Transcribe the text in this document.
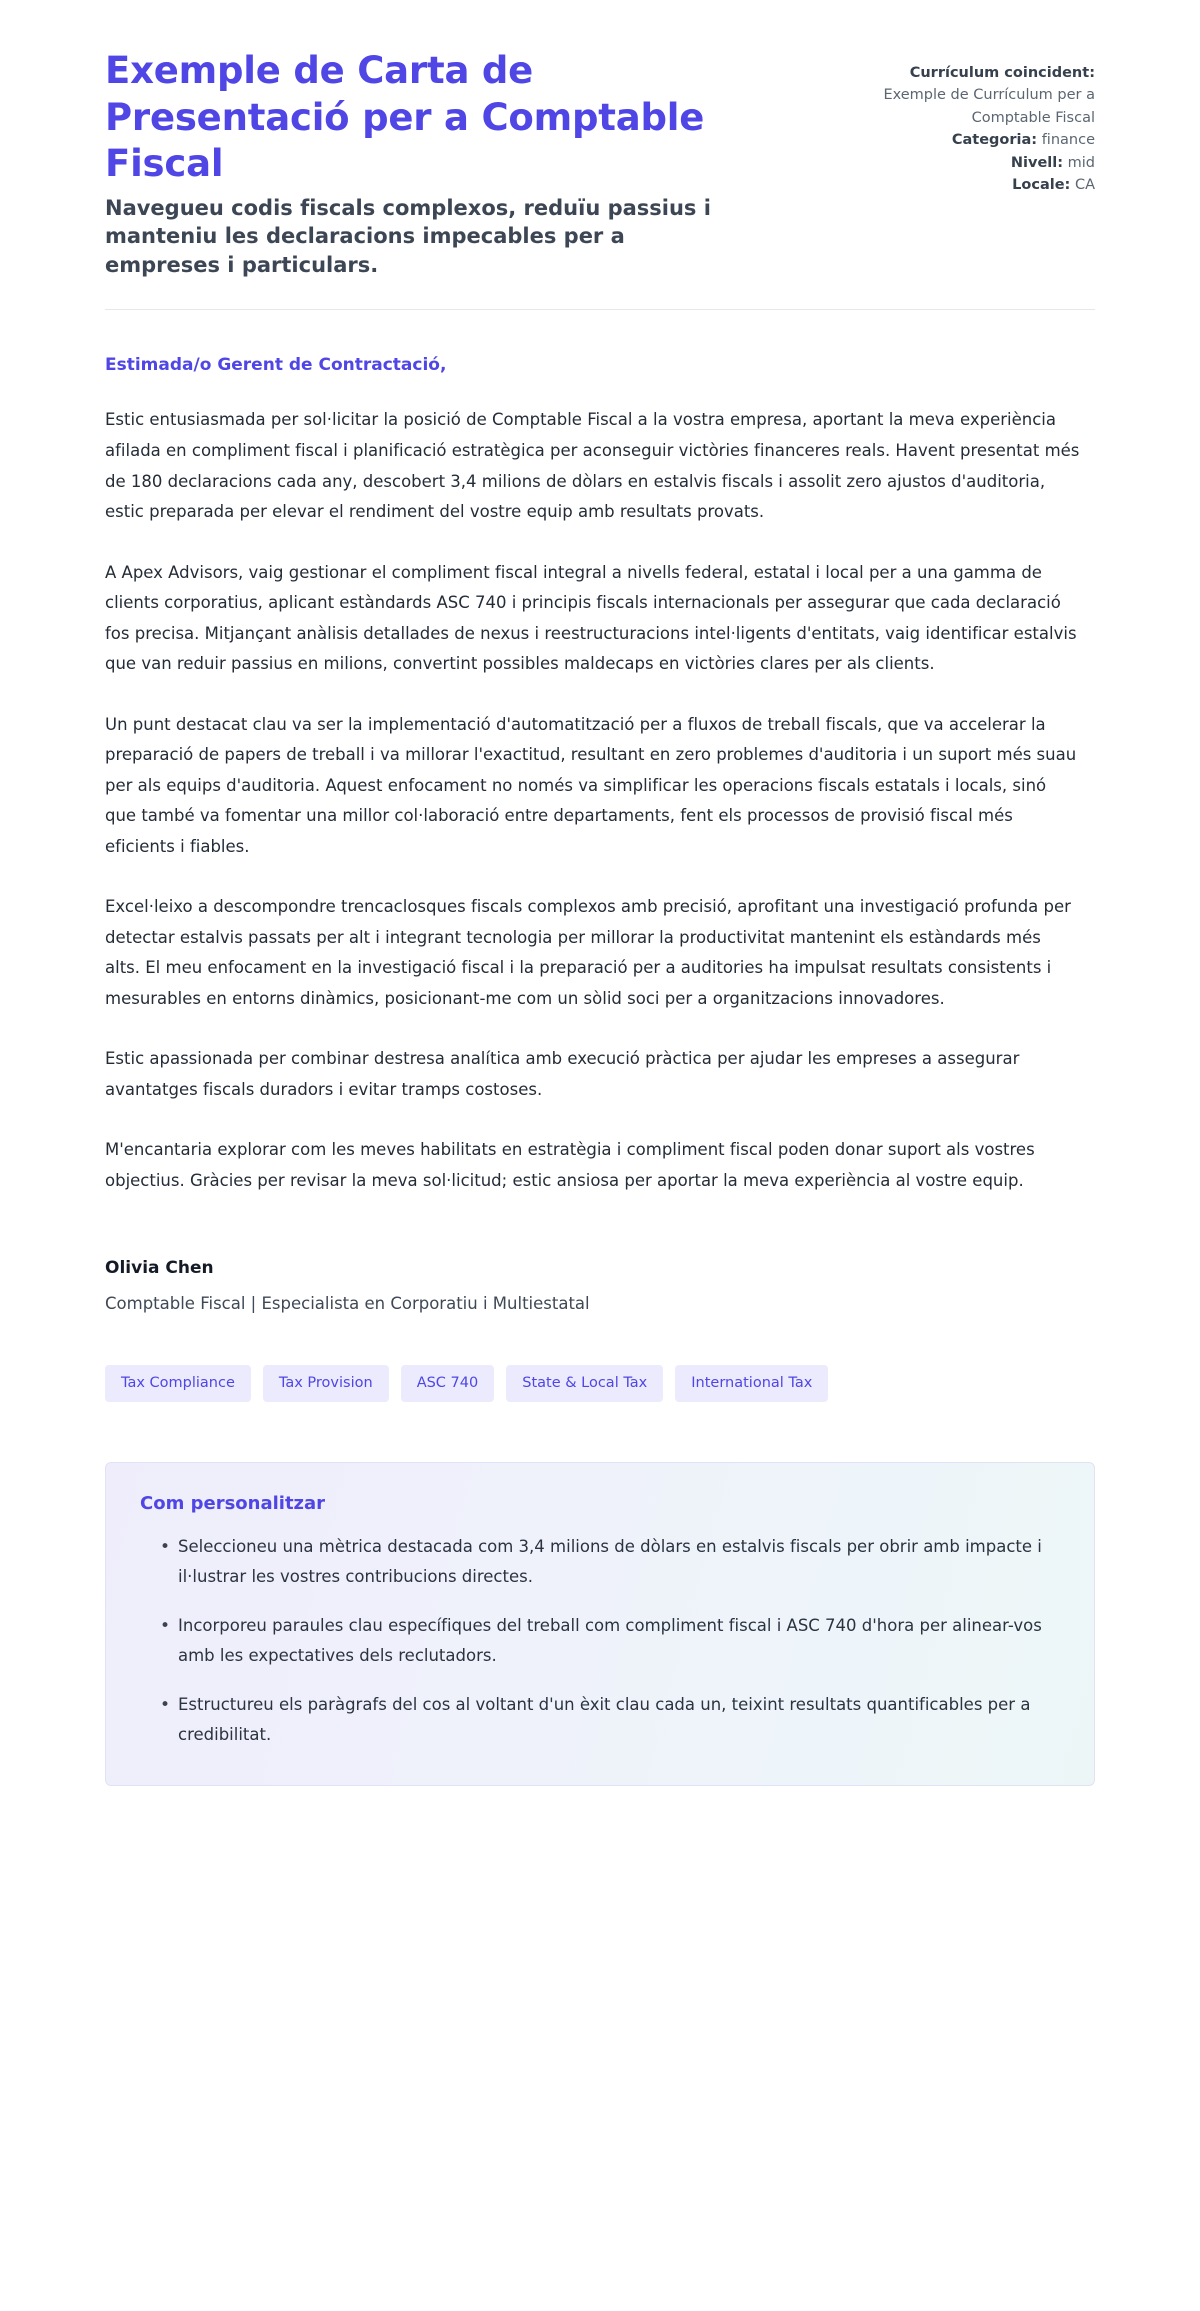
Exemple de Carta de Presentació per a Comptable Fiscal

Navegueu codis fiscals complexos, reduïu passius i manteniu les declaracions impecables per a empreses i particulars.

Currículum coincident:
Exemple de Currículum per a Comptable Fiscal
Categoria: finance
Nivell: mid
Locale: CA

Estimada/o Gerent de Contractació,

Estic entusiasmada per sol·licitar la posició de Comptable Fiscal a la vostra empresa, aportant la meva experiència afilada en compliment fiscal i planificació estratègica per aconseguir victòries financeres reals. Havent presentat més de 180 declaracions cada any, descobert 3,4 milions de dòlars en estalvis fiscals i assolit zero ajustos d'auditoria, estic preparada per elevar el rendiment del vostre equip amb resultats provats.

A Apex Advisors, vaig gestionar el compliment fiscal integral a nivells federal, estatal i local per a una gamma de clients corporatius, aplicant estàndards ASC 740 i principis fiscals internacionals per assegurar que cada declaració fos precisa. Mitjançant anàlisis detallades de nexus i reestructuracions intel·ligents d'entitats, vaig identificar estalvis que van reduir passius en milions, convertint possibles maldecaps en victòries clares per als clients.

Un punt destacat clau va ser la implementació d'automatització per a fluxos de treball fiscals, que va accelerar la preparació de papers de treball i va millorar l'exactitud, resultant en zero problemes d'auditoria i un suport més suau per als equips d'auditoria. Aquest enfocament no només va simplificar les operacions fiscals estatals i locals, sinó que també va fomentar una millor col·laboració entre departaments, fent els processos de provisió fiscal més eficients i fiables.

Excel·leixo a descompondre trencaclosques fiscals complexos amb precisió, aprofitant una investigació profunda per detectar estalvis passats per alt i integrant tecnologia per millorar la productivitat mantenint els estàndards més alts. El meu enfocament en la investigació fiscal i la preparació per a auditories ha impulsat resultats consistents i mesurables en entorns dinàmics, posicionant-me com un sòlid soci per a organitzacions innovadores.

Estic apassionada per combinar destresa analítica amb execució pràctica per ajudar les empreses a assegurar avantatges fiscals duradors i evitar tramps costoses.

M'encantaria explorar com les meves habilitats en estratègia i compliment fiscal poden donar suport als vostres objectius. Gràcies per revisar la meva sol·licitud; estic ansiosa per aportar la meva experiència al vostre equip.

Olivia Chen

Comptable Fiscal | Especialista en Corporatiu i Multiestatal

Tax Compliance	Tax Provision	ASC 740	State & Local Tax	International Tax
Com personalitzar
• Seleccioneu una mètrica destacada com 3,4 milions de dòlars en estalvis fiscals per obrir amb impacte i il·lustrar les vostres contribucions directes.
• Incorporeu paraules clau específiques del treball com compliment fiscal i ASC 740 d'hora per alinear-vos amb les expectatives dels reclutadors.
• Estructureu els paràgrafs del cos al voltant d'un èxit clau cada un, teixint resultats quantificables per a credibilitat.
